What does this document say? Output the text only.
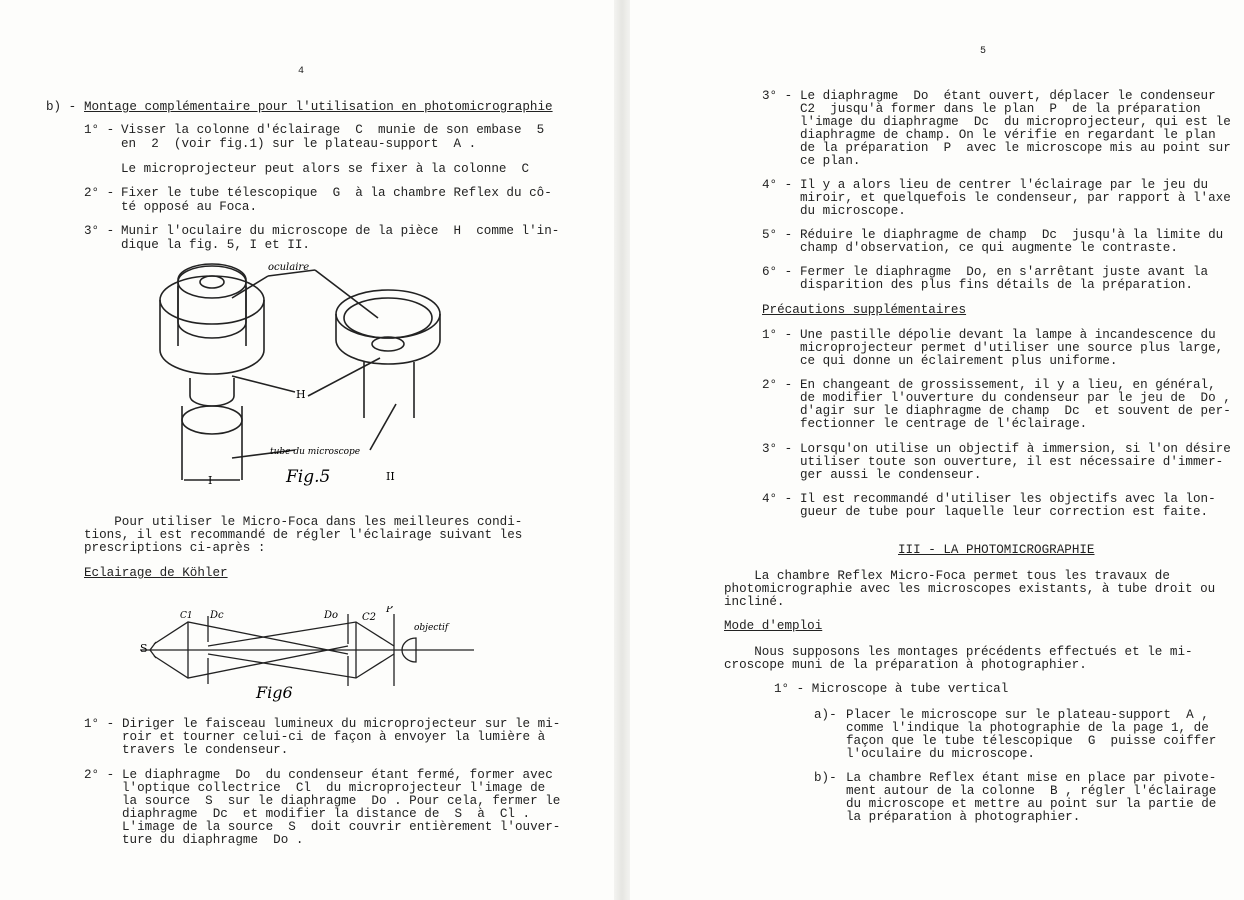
4
b) - Montage complémentaire pour l'utilisation en photomicrographie
1° - Visser la colonne d'éclairage  C  munie de son embase  5
en  2  (voir fig.1) sur le plateau-support  A .
Le microprojecteur peut alors se fixer à la colonne  C
2° - Fixer le tube télescopique  G  à la chambre Reflex du cô-
té opposé au Foca.
3° - Munir l'oculaire du microscope de la pièce  H  comme l'in-
dique la fig. 5, I et II.
oculaire
H
tube du microscope
I	II
Fig.5
Pour utiliser le Micro-Foca dans les meilleures condi-
tions, il est recommandé de régler l'éclairage suivant les
prescriptions ci-après :
Eclairage de Köhler
S
C1 Dc	Do C2
P
objectif
Fig6
1° - Diriger le faisceau lumineux du microprojecteur sur le mi-
roir et tourner celui-ci de façon à envoyer la lumière à
travers le condenseur.
2° - Le diaphragme  Do  du condenseur étant fermé, former avec
l'optique collectrice  Cl  du microprojecteur l'image de
la source  S  sur le diaphragme  Do . Pour cela, fermer le
diaphragme  Dc  et modifier la distance de  S  à  Cl .
L'image de la source  S  doit couvrir entièrement l'ouver-
ture du diaphragme  Do .
5
3° - Le diaphragme  Do  étant ouvert, déplacer le condenseur
C2  jusqu'à former dans le plan  P  de la préparation
l'image du diaphragme  Dc  du microprojecteur, qui est le
diaphragme de champ. On le vérifie en regardant le plan
de la préparation  P  avec le microscope mis au point sur
ce plan.
4° - Il y a alors lieu de centrer l'éclairage par le jeu du
miroir, et quelquefois le condenseur, par rapport à l'axe
du microscope.
5° - Réduire le diaphragme de champ  Dc  jusqu'à la limite du
champ d'observation, ce qui augmente le contraste.
6° - Fermer le diaphragme  Do, en s'arrêtant juste avant la
disparition des plus fins détails de la préparation.
Précautions supplémentaires
1° - Une pastille dépolie devant la lampe à incandescence du
microprojecteur permet d'utiliser une source plus large,
ce qui donne un éclairement plus uniforme.
2° - En changeant de grossissement, il y a lieu, en général,
de modifier l'ouverture du condenseur par le jeu de  Do ,
d'agir sur le diaphragme de champ  Dc  et souvent de per-
fectionner le centrage de l'éclairage.
3° - Lorsqu'on utilise un objectif à immersion, si l'on désire
utiliser toute son ouverture, il est nécessaire d'immer-
ger aussi le condenseur.
4° - Il est recommandé d'utiliser les objectifs avec la lon-
gueur de tube pour laquelle leur correction est faite.
III - LA PHOTOMICROGRAPHIE
La chambre Reflex Micro-Foca permet tous les travaux de
photomicrographie avec les microscopes existants, à tube droit ou
incliné.
Mode d'emploi
Nous supposons les montages précédents effectués et le mi-
croscope muni de la préparation à photographier.
1° - Microscope à tube vertical
a)- Placer le microscope sur le plateau-support  A ,
comme l'indique la photographie de la page 1, de
façon que le tube télescopique  G  puisse coiffer
l'oculaire du microscope.
b)- La chambre Reflex étant mise en place par pivote-
ment autour de la colonne  B , régler l'éclairage
du microscope et mettre au point sur la partie de
la préparation à photographier.
